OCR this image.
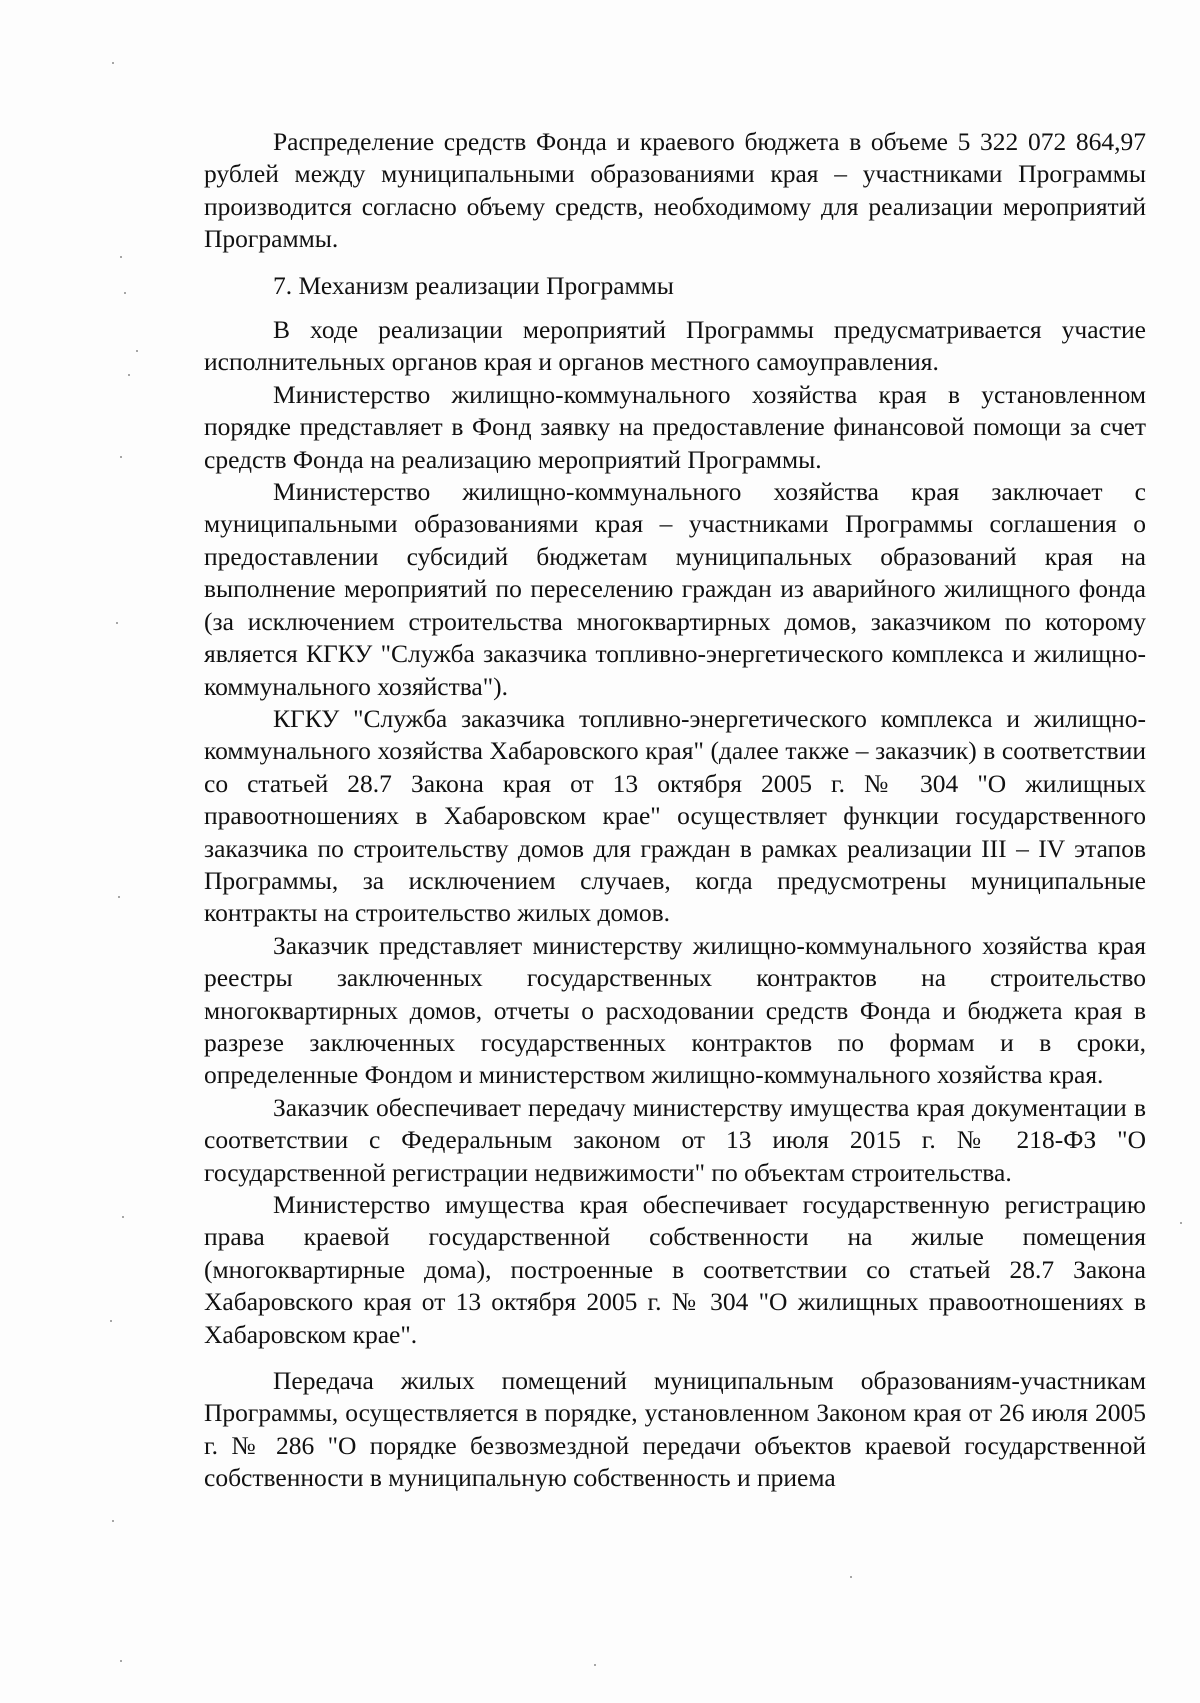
Распределение средств Фонда и краевого бюджета в объеме 5 322 072 864,97 рублей между муниципальными образованиями края – участниками Программы производится согласно объему средств, необходимому для реализации мероприятий Программы.

7. Механизм реализации Программы

В ходе реализации мероприятий Программы предусматривается участие исполнительных органов края и органов местного самоуправления.

Министерство жилищно-коммунального хозяйства края в установленном порядке представляет в Фонд заявку на предоставление финансовой помощи за счет средств Фонда на реализацию мероприятий Программы.

Министерство жилищно-коммунального хозяйства края заключает с муниципальными образованиями края – участниками Программы соглашения о предоставлении субсидий бюджетам муниципальных образований края на выполнение мероприятий по переселению граждан из аварийного жилищного фонда (за исключением строительства многоквартирных домов, заказчиком по которому является КГКУ "Служба заказчика топливно-энергетического комплекса и жилищно-коммунального хозяйства").

КГКУ "Служба заказчика топливно-энергетического комплекса и жилищно-коммунального хозяйства Хабаровского края" (далее также – заказчик) в соответствии со статьей 28.7 Закона края от 13 октября 2005 г. № 304 "О жилищных правоотношениях в Хабаровском крае" осуществляет функции государственного заказчика по строительству домов для граждан в рамках реализации III – IV этапов Программы, за исключением случаев, когда предусмотрены муниципальные контракты на строительство жилых домов.

Заказчик представляет министерству жилищно-коммунального хозяйства края реестры заключенных государственных контрактов на строительство многоквартирных домов, отчеты о расходовании средств Фонда и бюджета края в разрезе заключенных государственных контрактов по формам и в сроки, определенные Фондом и министерством жилищно-коммунального хозяйства края.

Заказчик обеспечивает передачу министерству имущества края документации в соответствии с Федеральным законом от 13 июля 2015 г. № 218-ФЗ "О государственной регистрации недвижимости" по объектам строительства.

Министерство имущества края обеспечивает государственную регистрацию права краевой государственной собственности на жилые помещения (многоквартирные дома), построенные в соответствии со статьей 28.7 Закона Хабаровского края от 13 октября 2005 г. № 304 "О жилищных правоотношениях в Хабаровском крае".

Передача жилых помещений муниципальным образованиям-участникам Программы, осуществляется в порядке, установленном Законом края от 26 июля 2005 г. № 286 "О порядке безвозмездной передачи объектов краевой государственной собственности в муниципальную собственность и приема
